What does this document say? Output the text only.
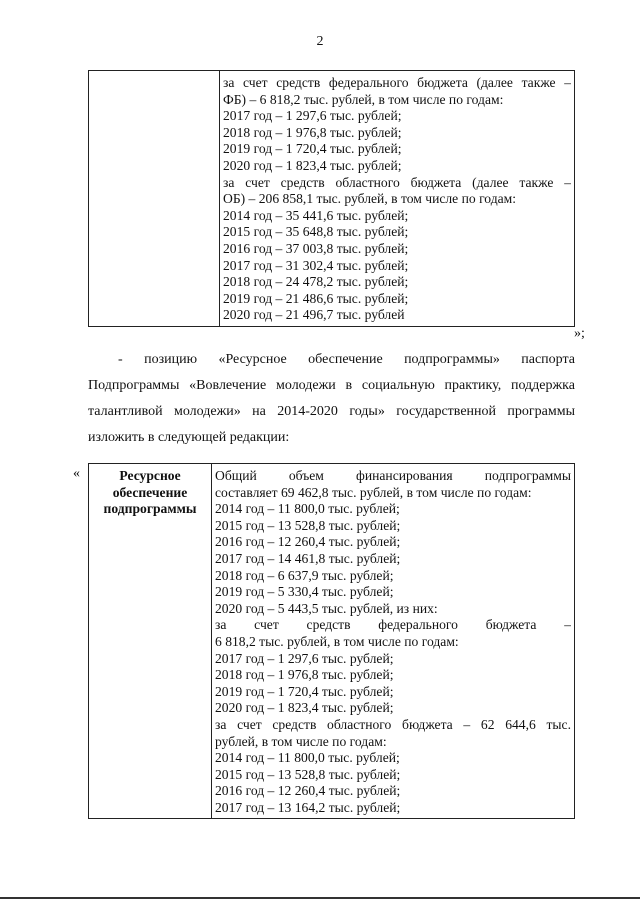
2

за счет средств федерального бюджета (далее также –
ФБ) – 6 818,2 тыс. рублей, в том числе по годам:
2017 год – 1 297,6 тыс. рублей;
2018 год – 1 976,8 тыс. рублей;
2019 год – 1 720,4 тыс. рублей;
2020 год – 1 823,4 тыс. рублей;
за счет средств областного бюджета (далее также –
ОБ) – 206 858,1 тыс. рублей, в том числе по годам:
2014 год – 35 441,6 тыс. рублей;
2015 год – 35 648,8 тыс. рублей;
2016 год – 37 003,8 тыс. рублей;
2017 год – 31 302,4 тыс. рублей;
2018 год – 24 478,2 тыс. рублей;
2019 год – 21 486,6 тыс. рублей;
2020 год – 21 496,7 тыс. рублей
»;
- позицию «Ресурсное обеспечение подпрограммы» паспорта
Подпрограммы «Вовлечение молодежи в социальную практику, поддержка
талантливой молодежи» на 2014-2020 годы» государственной программы
изложить в следующей редакции:
«	Ресурсное
обеспечение
подпрограммы

Общий объем финансирования подпрограммы
составляет 69 462,8 тыс. рублей, в том числе по годам:
2014 год – 11 800,0 тыс. рублей;
2015 год – 13 528,8 тыс. рублей;
2016 год – 12 260,4 тыс. рублей;
2017 год – 14 461,8 тыс. рублей;
2018 год – 6 637,9 тыс. рублей;
2019 год – 5 330,4 тыс. рублей;
2020 год – 5 443,5 тыс. рублей, из них:
за счет средств федерального бюджета –
6 818,2 тыс. рублей, в том числе по годам:
2017 год – 1 297,6 тыс. рублей;
2018 год – 1 976,8 тыс. рублей;
2019 год – 1 720,4 тыс. рублей;
2020 год – 1 823,4 тыс. рублей;
за счет средств областного бюджета – 62 644,6 тыс.
рублей, в том числе по годам:
2014 год – 11 800,0 тыс. рублей;
2015 год – 13 528,8 тыс. рублей;
2016 год – 12 260,4 тыс. рублей;
2017 год – 13 164,2 тыс. рублей;
